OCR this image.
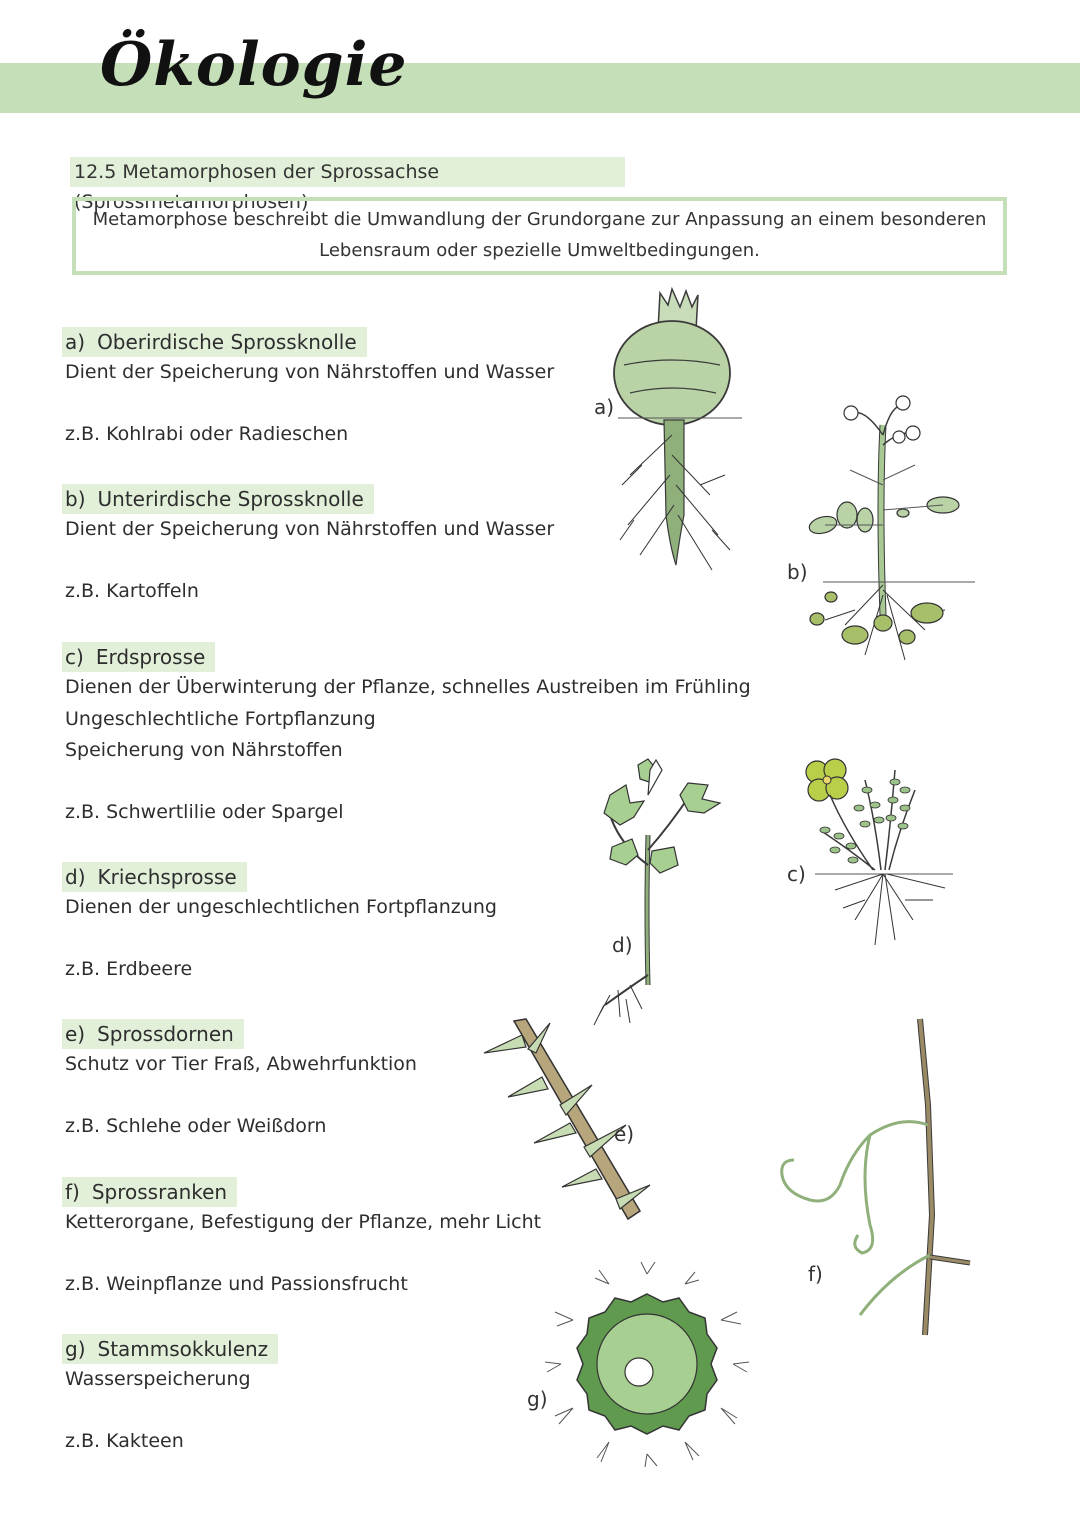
Ökologie
12.5 Metamorphosen der Sprossachse (Sprossmetamorphosen)
Metamorphose beschreibt die Umwandlung der Grundorgane zur Anpassung an einem besonderen Lebensraum oder spezielle Umweltbedingungen.
a) Oberirdische Sprossknolle
Dient der Speicherung von Nährstoffen und Wasser
z.B. Kohlrabi oder Radieschen
b) Unterirdische Sprossknolle
Dient der Speicherung von Nährstoffen und Wasser
z.B. Kartoffeln
c) Erdsprosse
Dienen der Überwinterung der Pflanze, schnelles Austreiben im Frühling
Ungeschlechtliche Fortpflanzung
Speicherung von Nährstoffen
z.B. Schwertlilie oder Spargel
d) Kriechsprosse
Dienen der ungeschlechtlichen Fortpflanzung
z.B. Erdbeere
e) Sprossdornen
Schutz vor Tier Fraß, Abwehrfunktion
z.B. Schlehe oder Weißdorn
f) Sprossranken
Ketterorgane, Befestigung der Pflanze, mehr Licht
z.B. Weinpflanze und Passionsfrucht
g) Stammsokkulenz
Wasserspeicherung
z.B. Kakteen
a)
b)
d)
c)
e)
f)
g)
